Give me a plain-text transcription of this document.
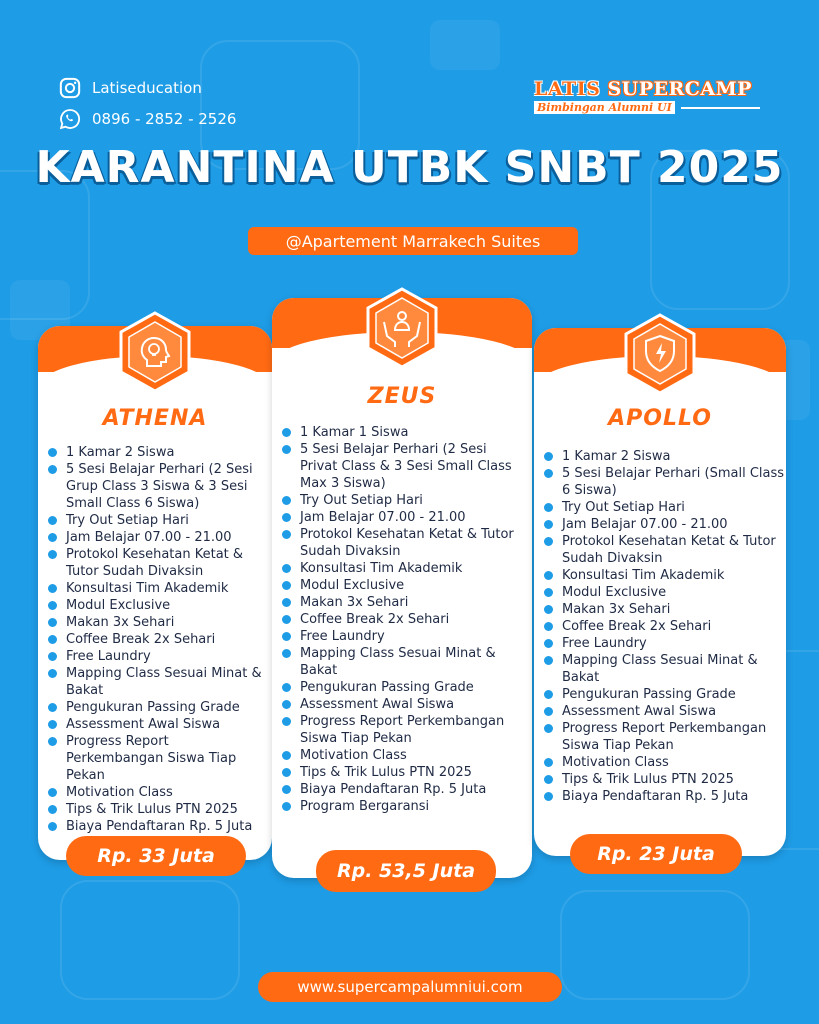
Latiseducation
0896 - 2852 - 2526
LATIS SUPERCAMP
Bimbingan Alumni UI
KARANTINA UTBK SNBT 2025
@Apartement Marrakech Suites
ATHENA
1 Kamar 2 Siswa
5 Sesi Belajar Perhari (2 Sesi Grup Class 3 Siswa & 3 Sesi Small Class 6 Siswa)
Try Out Setiap Hari
Jam Belajar 07.00 - 21.00
Protokol Kesehatan Ketat & Tutor Sudah Divaksin
Konsultasi Tim Akademik
Modul Exclusive
Makan 3x Sehari
Coffee Break 2x Sehari
Free Laundry
Mapping Class Sesuai Minat & Bakat
Pengukuran Passing Grade
Assessment Awal Siswa
Progress Report Perkembangan Siswa Tiap Pekan
Motivation Class
Tips & Trik Lulus PTN 2025
Biaya Pendaftaran Rp. 5 Juta
Rp. 33 Juta
ZEUS
1 Kamar 1 Siswa
5 Sesi Belajar Perhari (2 Sesi Privat Class & 3 Sesi Small Class Max 3 Siswa)
Try Out Setiap Hari
Jam Belajar 07.00 - 21.00
Protokol Kesehatan Ketat & Tutor Sudah Divaksin
Konsultasi Tim Akademik
Modul Exclusive
Makan 3x Sehari
Coffee Break 2x Sehari
Free Laundry
Mapping Class Sesuai Minat & Bakat
Pengukuran Passing Grade
Assessment Awal Siswa
Progress Report Perkembangan Siswa Tiap Pekan
Motivation Class
Tips & Trik Lulus PTN 2025
Biaya Pendaftaran Rp. 5 Juta
Program Bergaransi
Rp. 53,5 Juta
APOLLO
1 Kamar 2 Siswa
5 Sesi Belajar Perhari (Small Class 6 Siswa)
Try Out Setiap Hari
Jam Belajar 07.00 - 21.00
Protokol Kesehatan Ketat & Tutor Sudah Divaksin
Konsultasi Tim Akademik
Modul Exclusive
Makan 3x Sehari
Coffee Break 2x Sehari
Free Laundry
Mapping Class Sesuai Minat & Bakat
Pengukuran Passing Grade
Assessment Awal Siswa
Progress Report Perkembangan Siswa Tiap Pekan
Motivation Class
Tips & Trik Lulus PTN 2025
Biaya Pendaftaran Rp. 5 Juta
Rp. 23 Juta
www.supercampalumniui.com
